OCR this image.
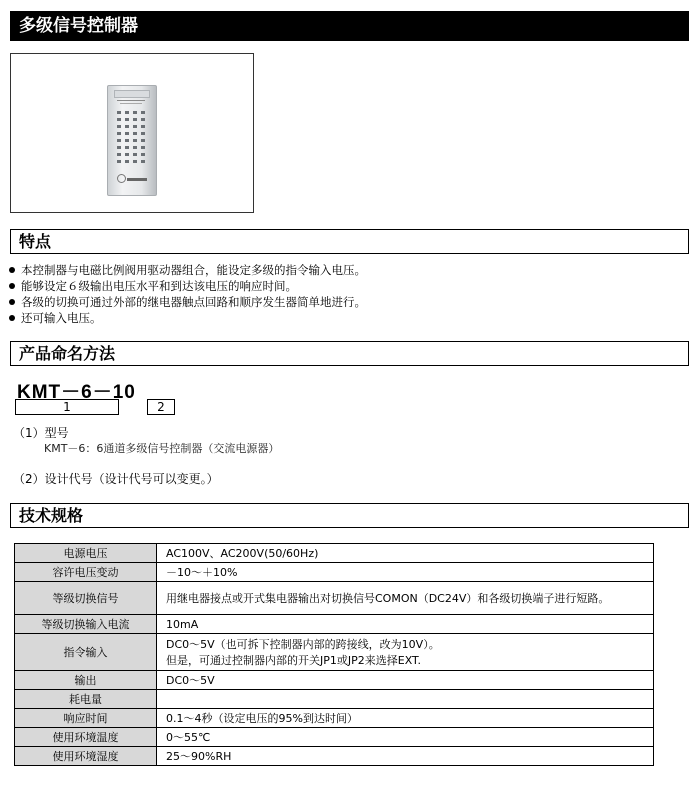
多级信号控制器
特点
本控制器与电磁比例阀用驱动器组合，能设定多级的指令输入电压。
能够设定６级输出电压水平和到达该电压的响应时间。
各级的切换可通过外部的继电器触点回路和顺序发生器简单地进行。
还可输入电压。
产品命名方法
KMT－6－10
1	2
（1）型号
KMT－6：6通道多级信号控制器（交流电源器）
（2）设计代号（设计代号可以变更。）
技术规格
电源电压	AC100V、AC200V(50/60Hz)
容许电压变动	－10～＋10%
等级切换信号	用继电器接点或开式集电器输出对切换信号COMON（DC24V）和各级切换端子进行短路。
等级切换输入电流	10mA
指令输入	DC0～5V（也可拆下控制器内部的跨接线，改为10V）。
但是，可通过控制器内部的开关JP1或JP2来选择EXT.

输出	DC0～5V
耗电量	
响应时间	0.1～4秒（设定电压的95%到达时间）
使用环境温度	0～55℃
使用环境湿度	25～90%RH
